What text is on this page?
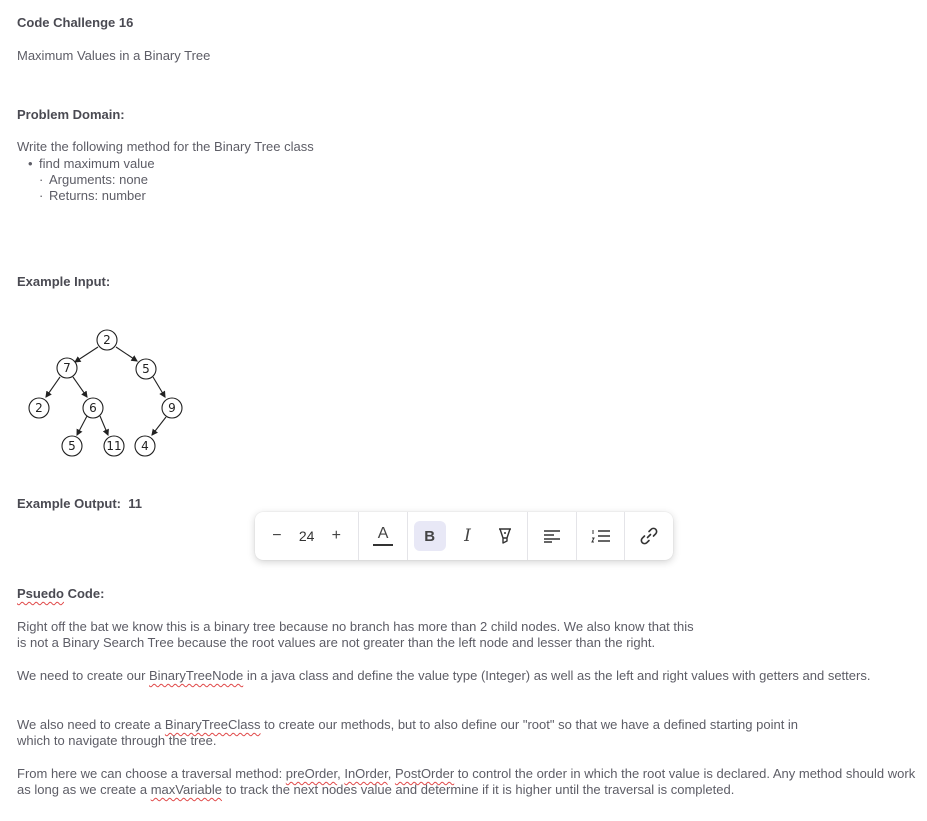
Code Challenge 16
Maximum Values in a Binary Tree
Problem Domain:
Write the following method for the Binary Tree class
• find maximum value
· Arguments: none
· Returns: number
Example Input:
2
7	5
2	6	9
5	11 4
Example Output: 11
−	24	+	A	B	I
Psuedo Code:
Right off the bat we know this is a binary tree because no branch has more than 2 child nodes. We also know that this
is not a Binary Search Tree because the root values are not greater than the left node and lesser than the right.
We need to create our BinaryTreeNode in a java class and define the value type (Integer) as well as the left and right values with getters and setters.
We also need to create a BinaryTreeClass to create our methods, but to also define our "root" so that we have a defined starting point in
which to navigate through the tree.
From here we can choose a traversal method: preOrder, InOrder, PostOrder to control the order in which the root value is declared. Any method should work
as long as we create a maxVariable to track the next nodes value and determine if it is higher until the traversal is completed.
